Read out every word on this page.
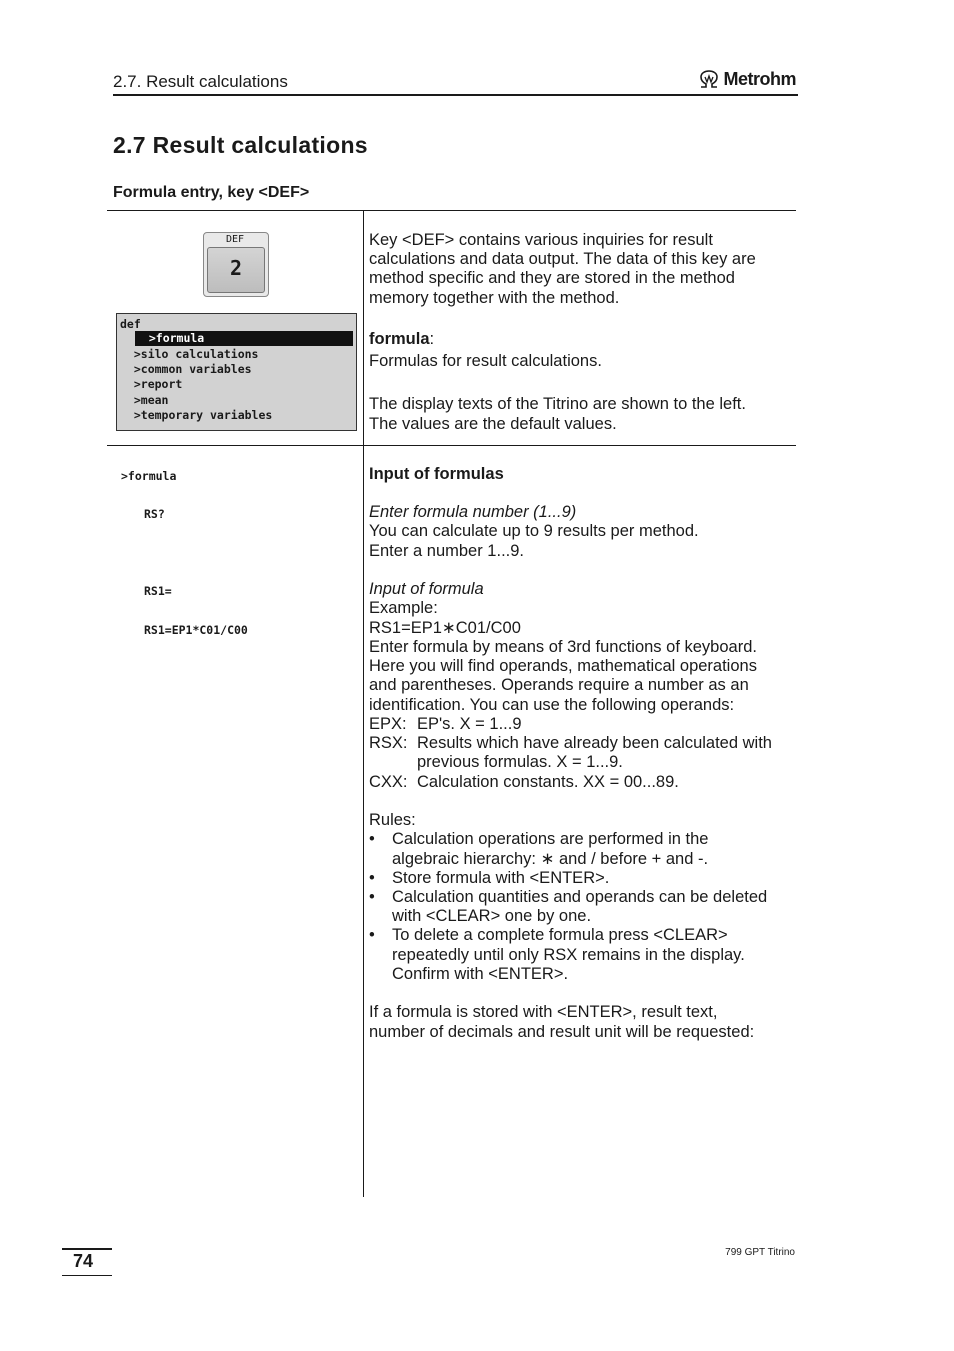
2.7. Result calculations	Metrohm
2.7 Result calculations
Formula entry, key <DEF>
DEF
2
def
>formula
>silo calculations
>common variables
>report
>mean
>temporary variables
Key <DEF> contains various inquiries for result
calculations and data output. The data of this key are
method specific and they are stored in the method
memory together with the method.
formula:
Formulas for result calculations.
The display texts of the Titrino are shown to the left.
The values are the default values.
>formula
RS?
RS1=
RS1=EP1*C01/C00
Input of formulas
Enter formula number (1...9)
You can calculate up to 9 results per method.
Enter a number 1...9.
Input of formula
Example:
RS1=EP1∗C01/C00
Enter formula by means of 3rd functions of keyboard.
Here you will find operands, mathematical operations
and parentheses. Operands require a number as an
identification. You can use the following operands:
EPX: EP's. X = 1...9
RSX: Results which have already been calculated with
previous formulas. X = 1...9.
CXX: Calculation constants. XX = 00...89.
Rules:
• Calculation operations are performed in the
algebraic hierarchy: ∗ and / before + and -.
• Store formula with <ENTER>.
• Calculation quantities and operands can be deleted
with <CLEAR> one by one.
• To delete a complete formula press <CLEAR>
repeatedly until only RSX remains in the display.
Confirm with <ENTER>.
If a formula is stored with <ENTER>, result text,
number of decimals and result unit will be requested:
74	799 GPT Titrino
